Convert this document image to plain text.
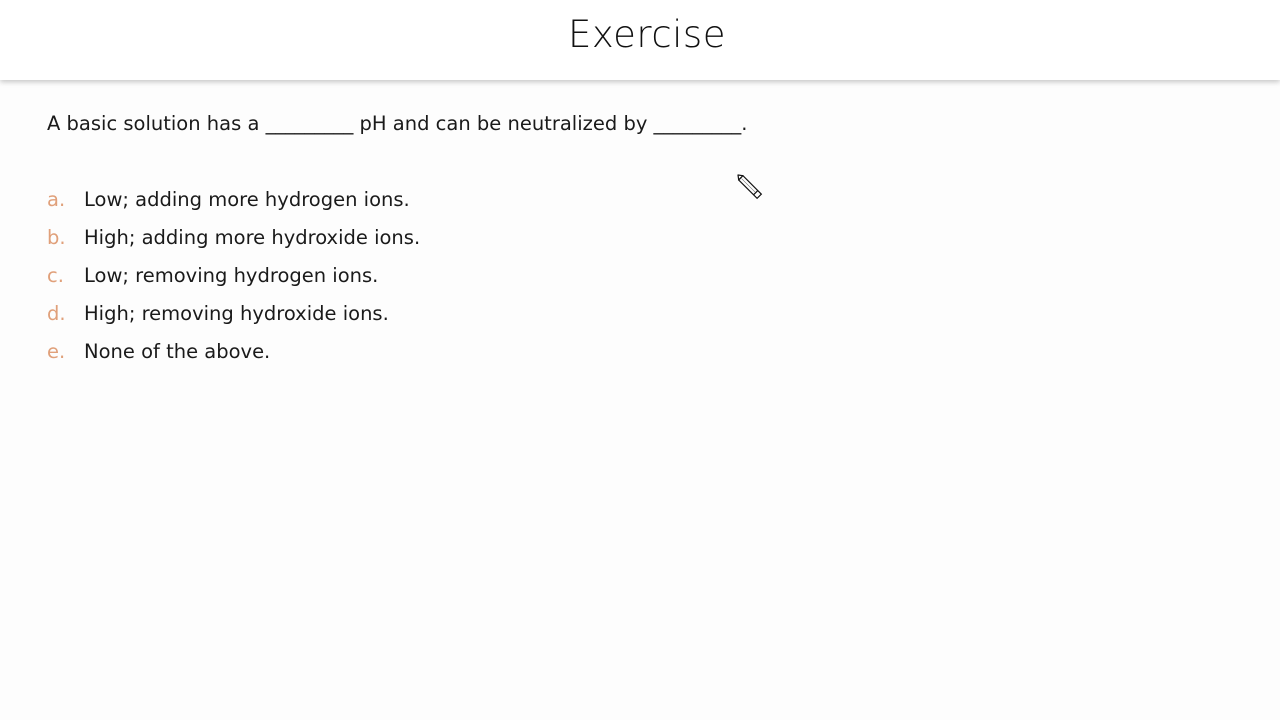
Exercise
A basic solution has a _________ pH and can be neutralized by _________.
a. Low; adding more hydrogen ions.
b. High; adding more hydroxide ions.
c. Low; removing hydrogen ions.
d. High; removing hydroxide ions.
e. None of the above.
